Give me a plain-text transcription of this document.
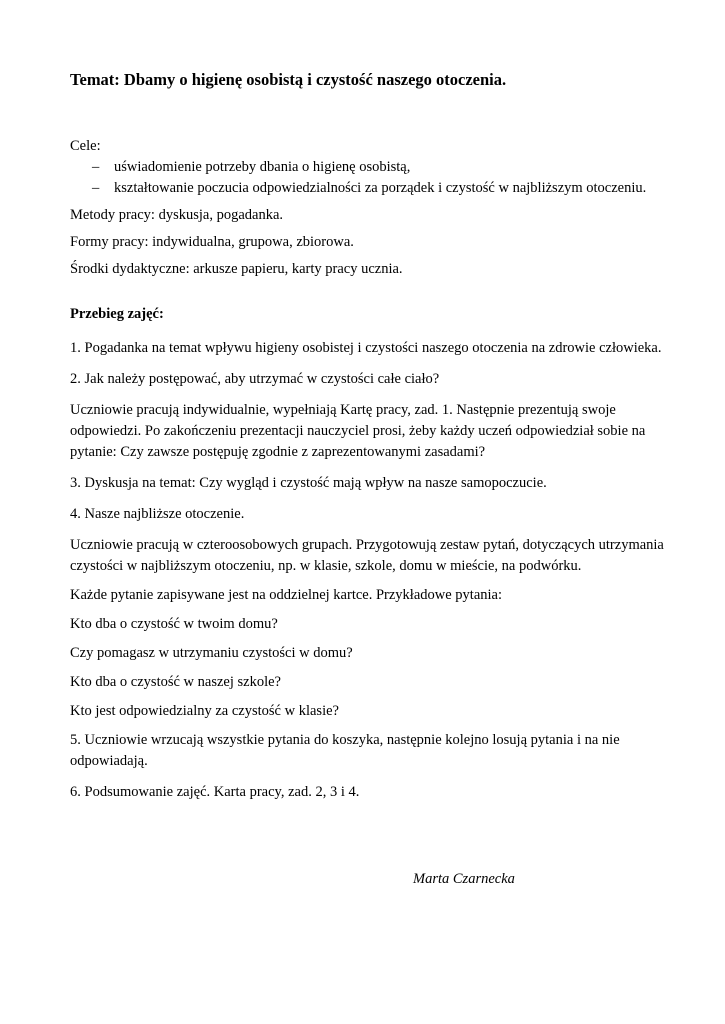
Temat: Dbamy o higienę osobistą i czystość naszego otoczenia.

Cele:

– uświadomienie potrzeby dbania o higienę osobistą,
– kształtowanie poczucia odpowiedzialności za porządek i czystość w najbliższym otoczeniu.

Metody pracy: dyskusja, pogadanka.

Formy pracy: indywidualna, grupowa, zbiorowa.

Środki dydaktyczne: arkusze papieru, karty pracy ucznia.

Przebieg zajęć:

1. Pogadanka na temat wpływu higieny osobistej i czystości naszego otoczenia na zdrowie człowieka.

2. Jak należy postępować, aby utrzymać w czystości całe ciało?

Uczniowie pracują indywidualnie, wypełniają Kartę pracy, zad. 1. Następnie prezentują swoje odpowiedzi. Po zakończeniu prezentacji nauczyciel prosi, żeby każdy uczeń odpowiedział sobie na pytanie: Czy zawsze postępuję zgodnie z zaprezentowanymi zasadami?

3. Dyskusja na temat: Czy wygląd i czystość mają wpływ na nasze samopoczucie.

4. Nasze najbliższe otoczenie.

Uczniowie pracują w czteroosobowych grupach. Przygotowują zestaw pytań, dotyczących utrzymania czystości w najbliższym otoczeniu, np. w klasie, szkole, domu w mieście, na podwórku.

Każde pytanie zapisywane jest na oddzielnej kartce. Przykładowe pytania:

Kto dba o czystość w twoim domu?

Czy pomagasz w utrzymaniu czystości w domu?

Kto dba o czystość w naszej szkole?

Kto jest odpowiedzialny za czystość w klasie?

5. Uczniowie wrzucają wszystkie pytania do koszyka, następnie kolejno losują pytania i na nie odpowiadają.

6. Podsumowanie zajęć. Karta pracy, zad. 2, 3 i 4.

Marta Czarnecka
